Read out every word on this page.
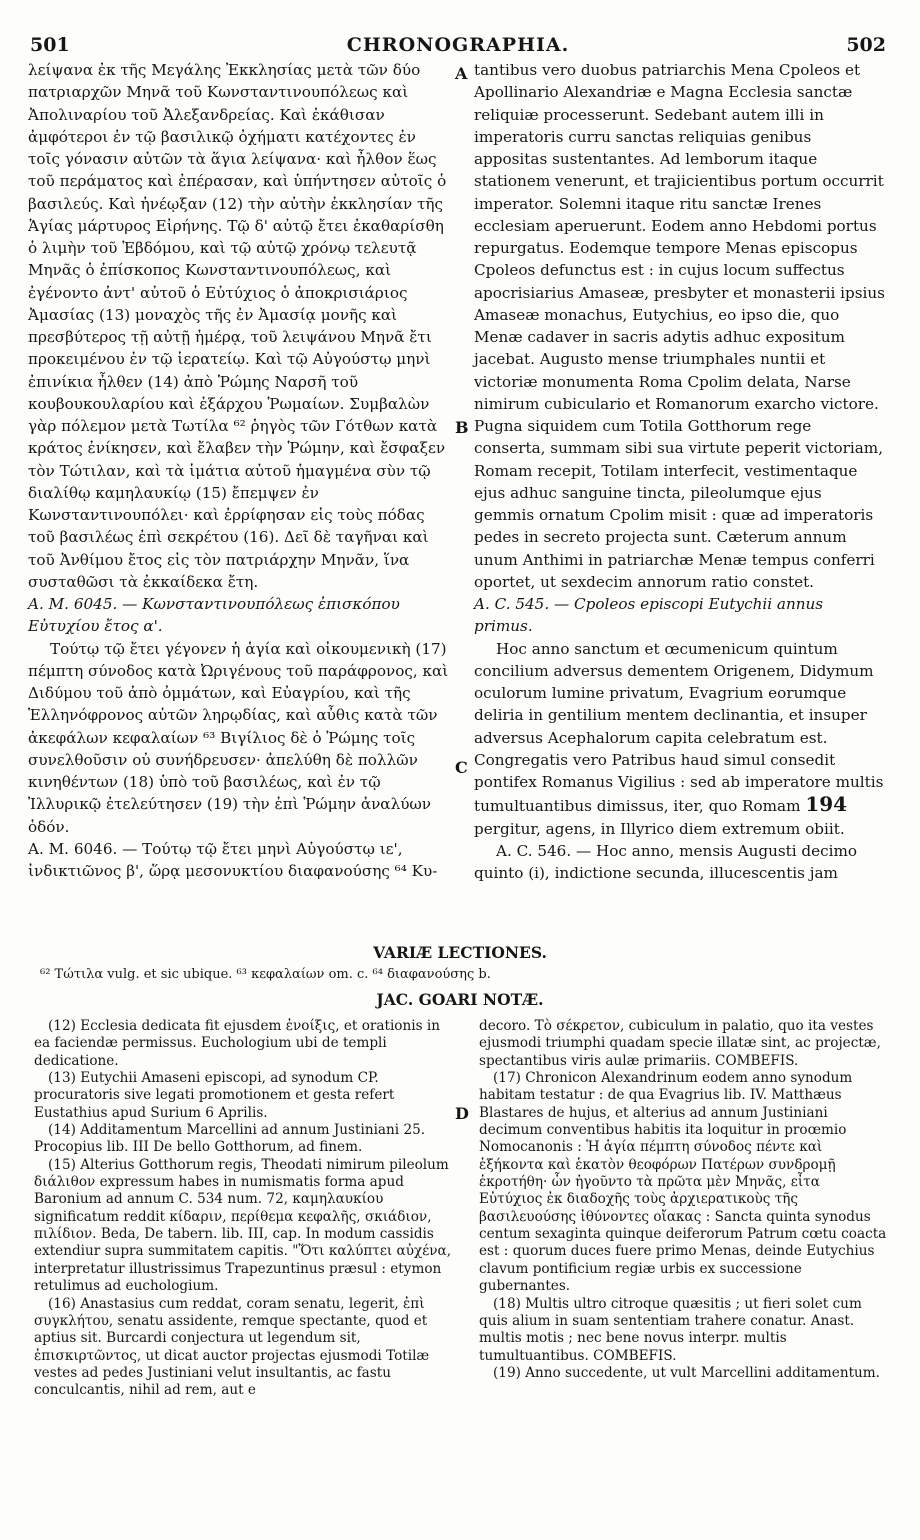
501	CHRONOGRAPHIA.	502

λείψανα ἐκ τῆς Μεγάλης Ἐκκλησίας μετὰ τῶν δύο πατριαρχῶν Μηνᾶ τοῦ Κωνσταντινουπόλεως καὶ Ἀπολιναρίου τοῦ Ἀλεξανδρείας. Καὶ ἐκάθισαν ἀμφότεροι ἐν τῷ βασιλικῷ ὀχήματι κατέχοντες ἐν τοῖς γόνασιν αὐτῶν τὰ ἅγια λείψανα· καὶ ἦλθον ἕως τοῦ περάματος καὶ ἐπέρασαν, καὶ ὑπήντησεν αὐτοῖς ὁ βασιλεύς. Καὶ ἠνέῳξαν (12) τὴν αὐτὴν ἐκκλησίαν τῆς Ἁγίας μάρτυρος Εἰρήνης. Τῷ δ' αὐτῷ ἔτει ἐκαθαρίσθη ὁ λιμὴν τοῦ Ἑβδόμου, καὶ τῷ αὐτῷ χρόνῳ τελευτᾷ Μηνᾶς ὁ ἐπίσκοπος Κωνσταντινουπόλεως, καὶ ἐγένοντο ἀντ' αὐτοῦ ὁ Εὐτύχιος ὁ ἀποκρισιάριος Ἀμασίας (13) μοναχὸς τῆς ἐν Ἀμασίᾳ μονῆς καὶ πρεσβύτερος τῇ αὐτῇ ἡμέρᾳ, τοῦ λειψάνου Μηνᾶ ἔτι προκειμένου ἐν τῷ ἱερατείῳ. Καὶ τῷ Αὐγούστῳ μηνὶ ἐπινίκια ἦλθεν (14) ἀπὸ Ῥώμης Ναρσῆ τοῦ κουβουκουλαρίου καὶ ἐξάρχου Ῥωμαίων. Συμβαλὼν γὰρ πόλεμον μετὰ Τωτίλα ⁶² ῥηγὸς τῶν Γότθων κατὰ κράτος ἐνίκησεν, καὶ ἔλαβεν τὴν Ῥώμην, καὶ ἔσφαξεν τὸν Τώτιλαν, καὶ τὰ ἱμάτια αὐτοῦ ἡμαγμένα σὺν τῷ διαλίθῳ καμηλαυκίῳ (15) ἔπεμψεν ἐν Κωνσταντινουπόλει· καὶ ἐρρίφησαν εἰς τοὺς πόδας τοῦ βασιλέως ἐπὶ σεκρέτου (16). Δεῖ δὲ ταγῆναι καὶ τοῦ Ἀνθίμου ἔτος εἰς τὸν πατριάρχην Μηνᾶν, ἵνα συσταθῶσι τὰ ἐκκαίδεκα ἔτη.

A. M. 6045. — Κωνσταντινουπόλεως ἐπισκόπου Εὐτυχίου ἔτος α'.

Τούτῳ τῷ ἔτει γέγονεν ἡ ἁγία καὶ οἰκουμενικὴ (17) πέμπτη σύνοδος κατὰ Ὠριγένους τοῦ παράφρονος, καὶ Διδύμου τοῦ ἀπὸ ὀμμάτων, καὶ Εὐαγρίου, καὶ τῆς Ἑλληνόφρονος αὐτῶν ληρῳδίας, καὶ αὖθις κατὰ τῶν ἀκεφάλων κεφαλαίων ⁶³ Βιγίλιος δὲ ὁ Ῥώμης τοῖς συνελθοῦσιν οὐ συνήδρευσεν· ἀπελύθη δὲ πολλῶν κινηθέντων (18) ὑπὸ τοῦ βασιλέως, καὶ ἐν τῷ Ἰλλυρικῷ ἐτελεύτησεν (19) τὴν ἐπὶ Ῥώμην ἀναλύων ὁδόν.

A. M. 6046. — Τούτῳ τῷ ἔτει μηνὶ Αὐγούστῳ ιε', ἰνδικτιῶνος β', ὥρᾳ μεσονυκτίου διαφανούσης ⁶⁴ Κυ-

A
B
C
D

tantibus vero duobus patriarchis Mena Cpoleos et Apollinario Alexandriæ e Magna Ecclesia sanctæ reliquiæ processerunt. Sedebant autem illi in imperatoris curru sanctas reliquias genibus appositas sustentantes. Ad lemborum itaque stationem venerunt, et trajicientibus portum occurrit imperator. Solemni itaque ritu sanctæ Irenes ecclesiam aperuerunt. Eodem anno Hebdomi portus repurgatus. Eodemque tempore Menas episcopus Cpoleos defunctus est : in cujus locum suffectus apocrisiarius Amaseæ, presbyter et monasterii ipsius Amaseæ monachus, Eutychius, eo ipso die, quo Menæ cadaver in sacris adytis adhuc expositum jacebat. Augusto mense triumphales nuntii et victoriæ monumenta Roma Cpolim delata, Narse nimirum cubiculario et Romanorum exarcho victore. Pugna siquidem cum Totila Gotthorum rege conserta, summam sibi sua virtute peperit victoriam, Romam recepit, Totilam interfecit, vestimentaque ejus adhuc sanguine tincta, pileolumque ejus gemmis ornatum Cpolim misit : quæ ad imperatoris pedes in secreto projecta sunt. Cæterum annum unum Anthimi in patriarchæ Menæ tempus conferri oportet, ut sexdecim annorum ratio constet.

A. C. 545. — Cpoleos episcopi Eutychii annus primus.

Hoc anno sanctum et œcumenicum quintum concilium adversus dementem Origenem, Didymum oculorum lumine privatum, Evagrium eorumque deliria in gentilium mentem declinantia, et insuper adversus Acephalorum capita celebratum est. Congregatis vero Patribus haud simul consedit pontifex Romanus Vigilius : sed ab imperatore multis tumultuantibus dimissus, iter, quo Romam 194 pergitur, agens, in Illyrico diem extremum obiit.

A. C. 546. — Hoc anno, mensis Augusti decimo quinto (i), indictione secunda, illucescentis jam

VARIÆ LECTIONES.
⁶² Τώτιλα vulg. et sic ubique. ⁶³ κεφαλαίων om. c. ⁶⁴ διαφανούσης b.
JAC. GOARI NOTÆ.

(12) Ecclesia dedicata fit ejusdem ἐνοίξις, et orationis in ea faciendæ permissus. Euchologium ubi de templi dedicatione.

(13) Eutychii Amaseni episcopi, ad synodum CP. procuratoris sive legati promotionem et gesta refert Eustathius apud Surium 6 Aprilis.

(14) Additamentum Marcellini ad annum Justiniani 25. Procopius lib. III De bello Gotthorum, ad finem.

(15) Alterius Gotthorum regis, Theodati nimirum pileolum διάλιθον expressum habes in numismatis forma apud Baronium ad annum C. 534 num. 72, καμηλαυκίου significatum reddit κίδαριν, περίθεμα κεφαλῆς, σκιάδιον, πιλίδιον. Beda, De tabern. lib. III, cap. In modum cassidis extendiur supra summitatem capitis. "Ὅτι καλύπτει αὐχένα, interpretatur illustrissimus Trapezuntinus præsul : etymon retulimus ad euchologium.

(16) Anastasius cum reddat, coram senatu, legerit, ἐπὶ συγκλήτου, senatu assidente, remque spectante, quod et aptius sit. Burcardi conjectura ut legendum sit, ἐπισκιρτῶντος, ut dicat auctor projectas ejusmodi Totilæ vestes ad pedes Justiniani velut insultantis, ac fastu conculcantis, nihil ad rem, aut e

decoro. Τὸ σέκρετον, cubiculum in palatio, quo ita vestes ejusmodi triumphi quadam specie illatæ sint, ac projectæ, spectantibus viris aulæ primariis. COMBEFIS.

(17) Chronicon Alexandrinum eodem anno synodum habitam testatur : de qua Evagrius lib. IV. Matthæus Blastares de hujus, et alterius ad annum Justiniani decimum conventibus habitis ita loquitur in proœmio Nomocanonis : Ἡ ἁγία πέμπτη σύνοδος πέντε καὶ ἑξήκοντα καὶ ἑκατὸν θεοφόρων Πατέρων συνδρομῇ ἐκροτήθη· ὧν ἡγοῦντο τὰ πρῶτα μὲν Μηνᾶς, εἶτα Εὐτύχιος ἐκ διαδοχῆς τοὺς ἀρχιερατικοὺς τῆς βασιλευούσης ἰθύνοντες οἴακας : Sancta quinta synodus centum sexaginta quinque deiferorum Patrum cœtu coacta est : quorum duces fuere primo Menas, deinde Eutychius clavum pontificium regiæ urbis ex successione gubernantes.

(18) Multis ultro citroque quæsitis ; ut fieri solet cum quis alium in suam sententiam trahere conatur. Anast. multis motis ; nec bene novus interpr. multis tumultuantibus. COMBEFIS.

(19) Anno succedente, ut vult Marcellini additamentum.
